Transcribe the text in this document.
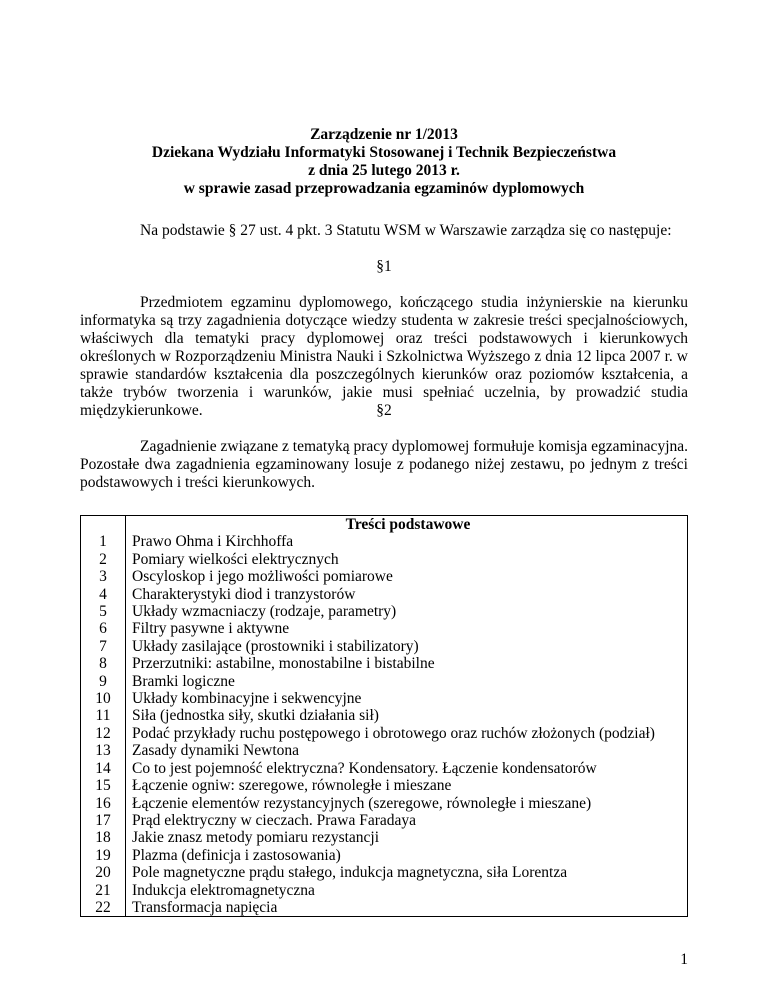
Zarządzenie nr 1/2013
Dziekana Wydziału Informatyki Stosowanej i Technik Bezpieczeństwa
z dnia 25 lutego 2013 r.
w sprawie zasad przeprowadzania egzaminów dyplomowych
Na podstawie § 27 ust. 4 pkt. 3 Statutu WSM w Warszawie zarządza się co następuje:
§1
Przedmiotem egzaminu dyplomowego, kończącego studia inżynierskie na kierunku informatyka są trzy zagadnienia dotyczące wiedzy studenta w zakresie treści specjalnościowych, właściwych dla tematyki pracy dyplomowej oraz treści podstawowych i kierunkowych określonych w Rozporządzeniu Ministra Nauki i Szkolnictwa Wyższego z dnia 12 lipca 2007 r. w sprawie standardów kształcenia dla poszczególnych kierunków oraz poziomów kształcenia, a także trybów tworzenia i warunków, jakie musi spełniać uczelnia, by prowadzić studia międzykierunkowe.	§2
Zagadnienie związane z tematyką pracy dyplomowej formułuje komisja egzaminacyjna. Pozostałe dwa zagadnienia egzaminowany losuje z podanego niżej zestawu, po jednym z treści podstawowych i treści kierunkowych.
	Treści podstawowe
1	Prawo Ohma i Kirchhoffa
2	Pomiary wielkości elektrycznych
3	Oscyloskop i jego możliwości pomiarowe
4	Charakterystyki diod i tranzystorów
5	Układy wzmacniaczy (rodzaje, parametry)
6	Filtry pasywne i aktywne
7	Układy zasilające (prostowniki i stabilizatory)
8	Przerzutniki: astabilne, monostabilne i bistabilne
9	Bramki logiczne
10	Układy kombinacyjne i sekwencyjne
11	Siła (jednostka siły, skutki działania sił)
12	Podać przykłady ruchu postępowego i obrotowego oraz ruchów złożonych (podział)
13	Zasady dynamiki Newtona
14	Co to jest pojemność elektryczna? Kondensatory. Łączenie kondensatorów
15	Łączenie ogniw: szeregowe, równoległe i mieszane
16	Łączenie elementów rezystancyjnych (szeregowe, równoległe i mieszane)
17	Prąd elektryczny w cieczach. Prawa Faradaya
18	Jakie znasz metody pomiaru rezystancji
19	Plazma (definicja i zastosowania)
20	Pole magnetyczne prądu stałego, indukcja magnetyczna, siła Lorentza
21	Indukcja elektromagnetyczna
22	Transformacja napięcia
1
